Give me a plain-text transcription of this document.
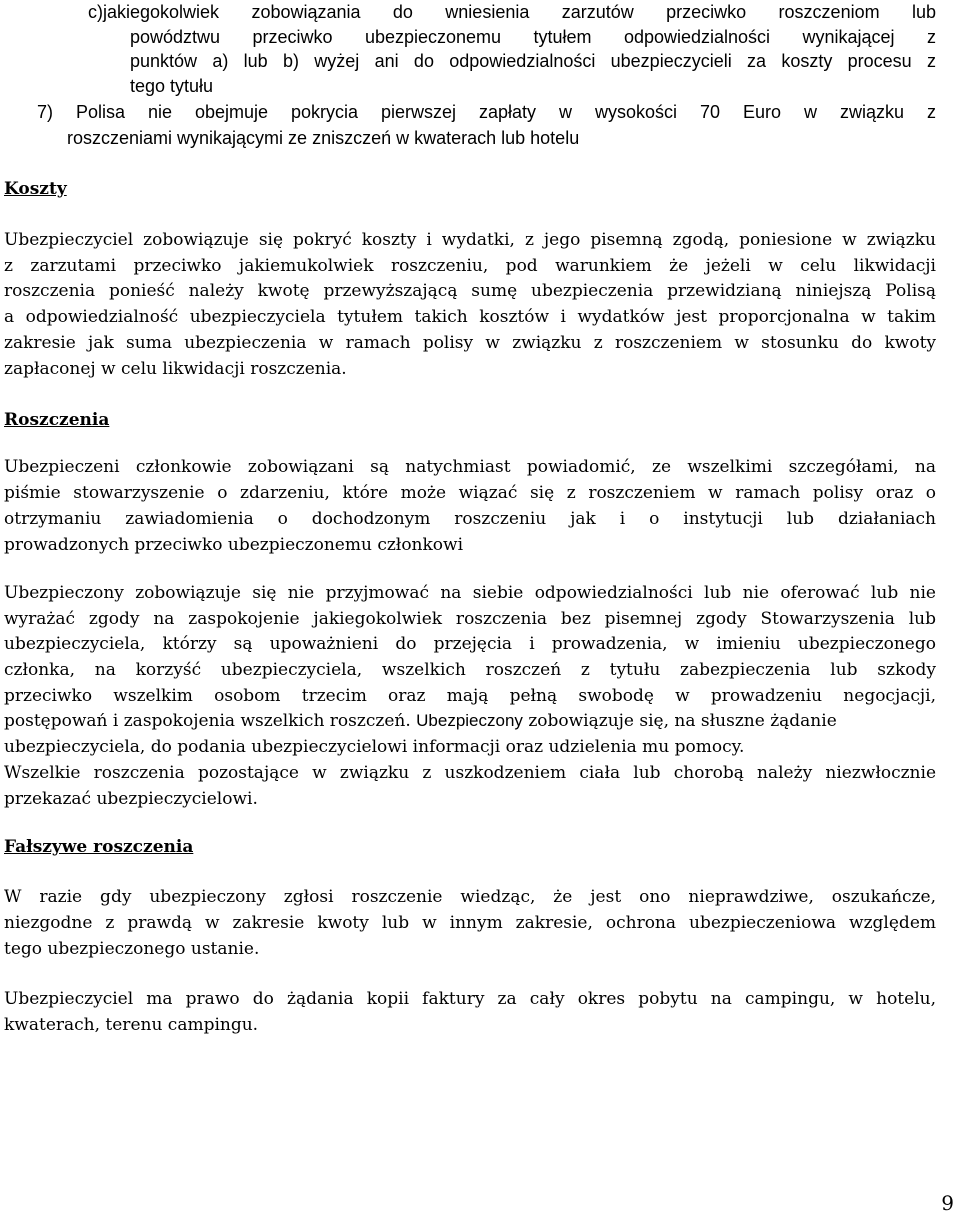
c)jakiegokolwiek zobowiązania do wniesienia zarzutów przeciwko roszczeniom lub
powództwu przeciwko ubezpieczonemu tytułem odpowiedzialności wynikającej z
punktów a) lub b) wyżej ani do odpowiedzialności ubezpieczycieli za koszty procesu z
tego tytułu
7) Polisa nie obejmuje pokrycia pierwszej zapłaty w wysokości 70 Euro w związku z
roszczeniami wynikającymi ze zniszczeń w kwaterach lub hotelu
Koszty
Ubezpieczyciel zobowiązuje się pokryć koszty i wydatki, z jego pisemną zgodą, poniesione w związku
z zarzutami przeciwko jakiemukolwiek roszczeniu, pod warunkiem że jeżeli w celu likwidacji
roszczenia ponieść należy kwotę przewyższającą sumę ubezpieczenia przewidzianą niniejszą Polisą
a odpowiedzialność ubezpieczyciela tytułem takich kosztów i wydatków jest proporcjonalna w takim
zakresie jak suma ubezpieczenia w ramach polisy w związku z roszczeniem w stosunku do kwoty
zapłaconej w celu likwidacji roszczenia.
Roszczenia
Ubezpieczeni członkowie zobowiązani są natychmiast powiadomić, ze wszelkimi szczegółami, na
piśmie stowarzyszenie o zdarzeniu, które może wiązać się z roszczeniem w ramach polisy oraz o
otrzymaniu zawiadomienia o dochodzonym roszczeniu jak i o instytucji lub działaniach
prowadzonych przeciwko ubezpieczonemu członkowi
Ubezpieczony zobowiązuje się nie przyjmować na siebie odpowiedzialności lub nie oferować lub nie
wyrażać zgody na zaspokojenie jakiegokolwiek roszczenia bez pisemnej zgody Stowarzyszenia lub
ubezpieczyciela, którzy są upoważnieni do przejęcia i prowadzenia, w imieniu ubezpieczonego
członka, na korzyść ubezpieczyciela, wszelkich roszczeń z tytułu zabezpieczenia lub szkody
przeciwko wszelkim osobom trzecim oraz mają pełną swobodę w prowadzeniu negocjacji,
postępowań i zaspokojenia wszelkich roszczeń. Ubezpieczony zobowiązuje się, na słuszne żądanie
ubezpieczyciela, do podania ubezpieczycielowi informacji oraz udzielenia mu pomocy.
Wszelkie roszczenia pozostające w związku z uszkodzeniem ciała lub chorobą należy niezwłocznie
przekazać ubezpieczycielowi.
Fałszywe roszczenia
W razie gdy ubezpieczony zgłosi roszczenie wiedząc, że jest ono nieprawdziwe, oszukańcze,
niezgodne z prawdą w zakresie kwoty lub w innym zakresie, ochrona ubezpieczeniowa względem
tego ubezpieczonego ustanie.
Ubezpieczyciel ma prawo do żądania kopii faktury za cały okres pobytu na campingu, w hotelu,
kwaterach, terenu campingu.
9
